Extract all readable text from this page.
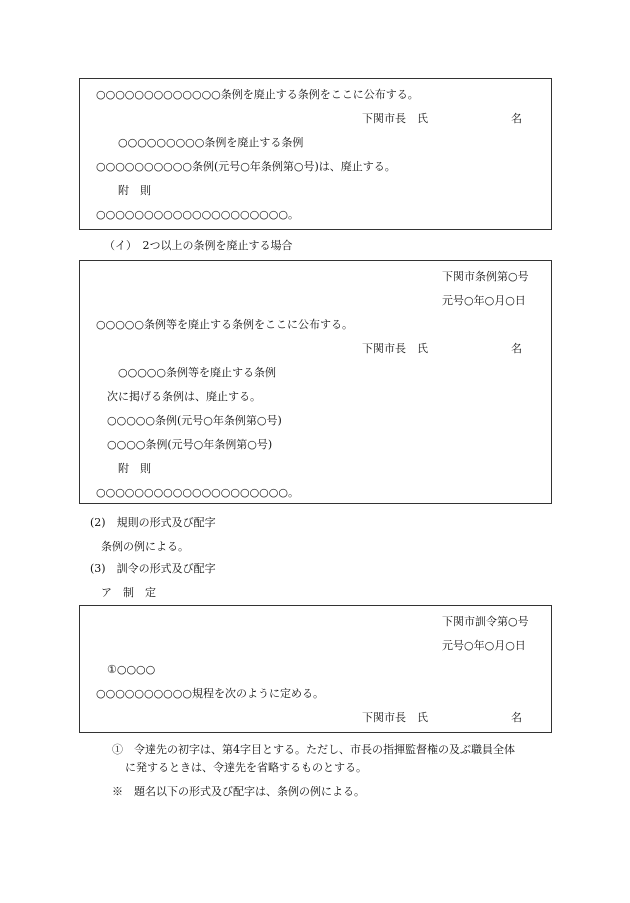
○○○○○○○○○○○○○条例を廃止する条例をここに公布する。
下関市長　氏	名
○○○○○○○○○条例を廃止する条例
○○○○○○○○○○条例(元号○年条例第○号)は、廃止する。
附　則
○○○○○○○○○○○○○○○○○○○○。
（イ）　2つ以上の条例を廃止する場合
下関市条例第○号
元号○年○月○日
○○○○○条例等を廃止する条例をここに公布する。
下関市長　氏	名
○○○○○条例等を廃止する条例
次に掲げる条例は、廃止する。
○○○○○条例(元号○年条例第○号)
○○○○条例(元号○年条例第○号)
附　則
○○○○○○○○○○○○○○○○○○○○。
(2)　規則の形式及び配字
条例の例による。
(3)　訓令の形式及び配字
ア　制　定
下関市訓令第○号
元号○年○月○日
①○○○○
○○○○○○○○○○規程を次のように定める。
下関市長　氏	名
①　令達先の初字は、第4字目とする。ただし、市長の指揮監督権の及ぶ職員全体
に発するときは、令達先を省略するものとする。
※　題名以下の形式及び配字は、条例の例による。
